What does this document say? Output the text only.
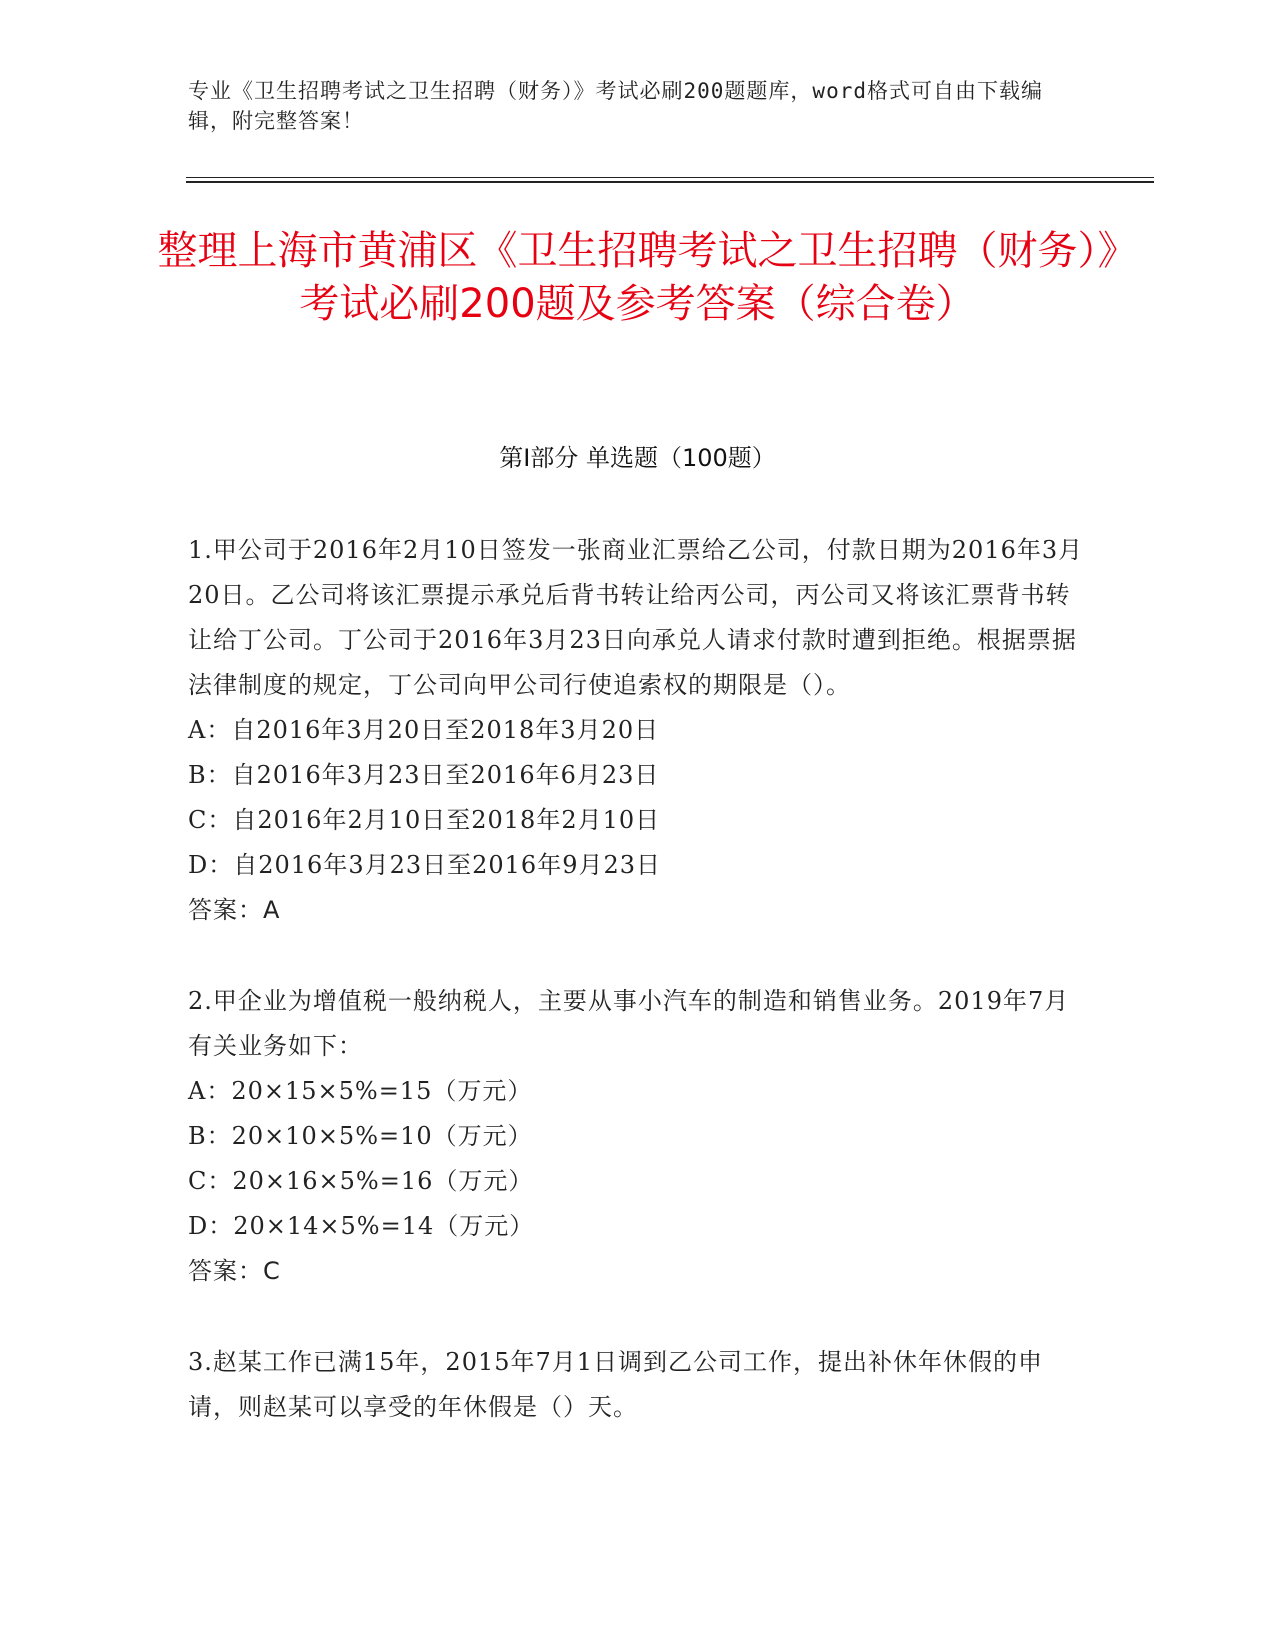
专业《卫生招聘考试之卫生招聘（财务）》考试必刷200题题库，word格式可自由下载编辑，附完整答案！
整理上海市黄浦区《卫生招聘考试之卫生招聘（财务）》考试必刷200题及参考答案（综合卷）
第I部分 单选题（100题）

1.甲公司于2016年2月10日签发一张商业汇票给乙公司，付款日期为2016年3月20日。乙公司将该汇票提示承兑后背书转让给丙公司，丙公司又将该汇票背书转让给丁公司。丁公司于2016年3月23日向承兑人请求付款时遭到拒绝。根据票据法律制度的规定，丁公司向甲公司行使追索权的期限是（）。

A：自2016年3月20日至2018年3月20日

B：自2016年3月23日至2016年6月23日

C：自2016年2月10日至2018年2月10日

D：自2016年3月23日至2016年9月23日

答案：A

2.甲企业为增值税一般纳税人，主要从事小汽车的制造和销售业务。2019年7月有关业务如下：

A：20×15×5%=15（万元）

B：20×10×5%=10（万元）

C：20×16×5%=16（万元）

D：20×14×5%=14（万元）

答案：C

3.赵某工作已满15年，2015年7月1日调到乙公司工作，提出补休年休假的申请，则赵某可以享受的年休假是（）天。
